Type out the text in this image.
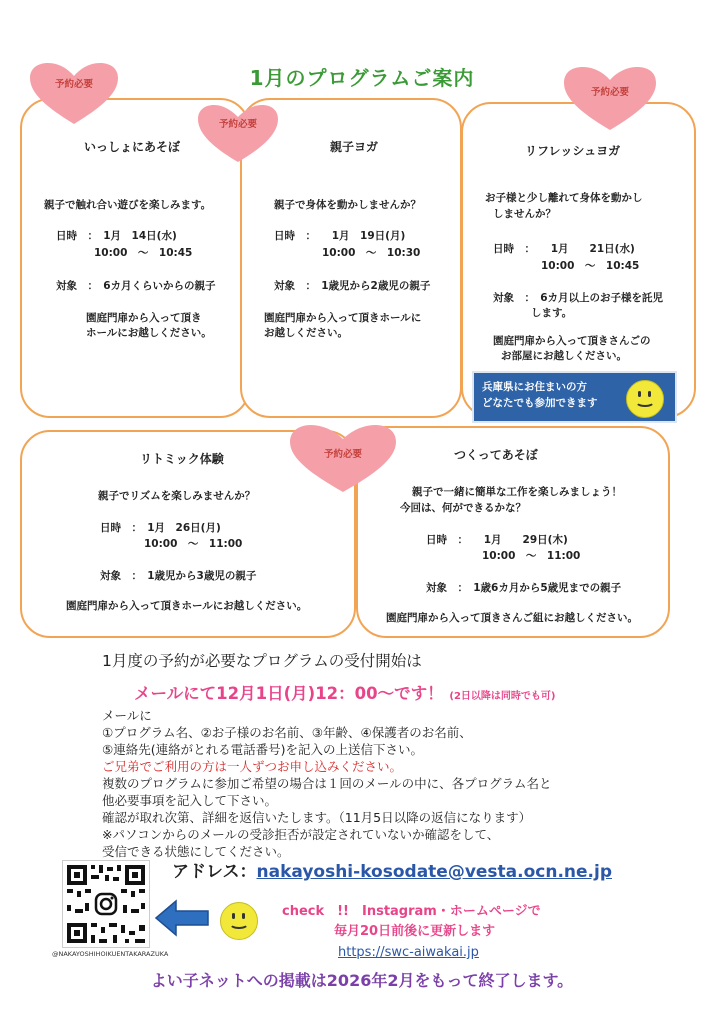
1月のプログラムご案内
いっしょにあそぼ
親子で触れ合い遊びを楽しみます。
日時　：　1月　14日(水)
10:00　～　10:45
対象　：　6カ月くらいからの親子
園庭門扉から入って頂き
ホールにお越しください。
親子ヨガ
親子で身体を動かしませんか？
日時　：　　1月　19日(月)
10:00　～　10:30
対象　：　1歳児から2歳児の親子
園庭門扉から入って頂きホールに
お越しください。
リフレッシュヨガ
お子様と少し離れて身体を動かし
しませんか？
日時　：　　1月　　21日(水)
10:00　～　10:45
対象　：　6カ月以上のお子様を託児
します。
園庭門扉から入って頂きさんごの
お部屋にお越しください。
兵庫県にお住まいの方
どなたでも参加できます
リトミック体験
親子でリズムを楽しみませんか？
日時　：　1月　26日(月)
10:00　～　11:00
対象　：　1歳児から3歳児の親子
園庭門扉から入って頂きホールにお越しください。
つくってあそぼ
親子で一緒に簡単な工作を楽しみましょう！
今回は、何ができるかな？
日時　：　　1月　　29日(木)
10:00　～　11:00
対象　：　1歳6カ月から5歳児までの親子
園庭門扉から入って頂きさんご組にお越しください。
予約必要
予約必要
予約必要
予約必要
1月度の予約が必要なプログラムの受付開始は
メールにて12月1日(月)12：00～です！ (2日以降は同時でも可)
メールに
①プログラム名、②お子様のお名前、③年齢、④保護者のお名前、
⑤連絡先(連絡がとれる電話番号)を記入の上送信下さい。
ご兄弟でご利用の方は一人ずつお申し込みください。
複数のプログラムに参加ご希望の場合は１回のメールの中に、各プログラム名と
他必要事項を記入して下さい。
確認が取れ次第、詳細を返信いたします。（11月5日以降の返信になります）
※パソコンからのメールの受診拒否が設定されていないか確認をして、
受信できる状態にしてください。
アドレス：nakayoshi-kosodate@vesta.ocn.ne.jp
@NAKAYOSHIHOIKUENTAKARAZUKA
check　!!　Instagram・ホームページで
毎月20日前後に更新します
https://swc-aiwakai.jp
よい子ネットへの掲載は2026年2月をもって終了します。
